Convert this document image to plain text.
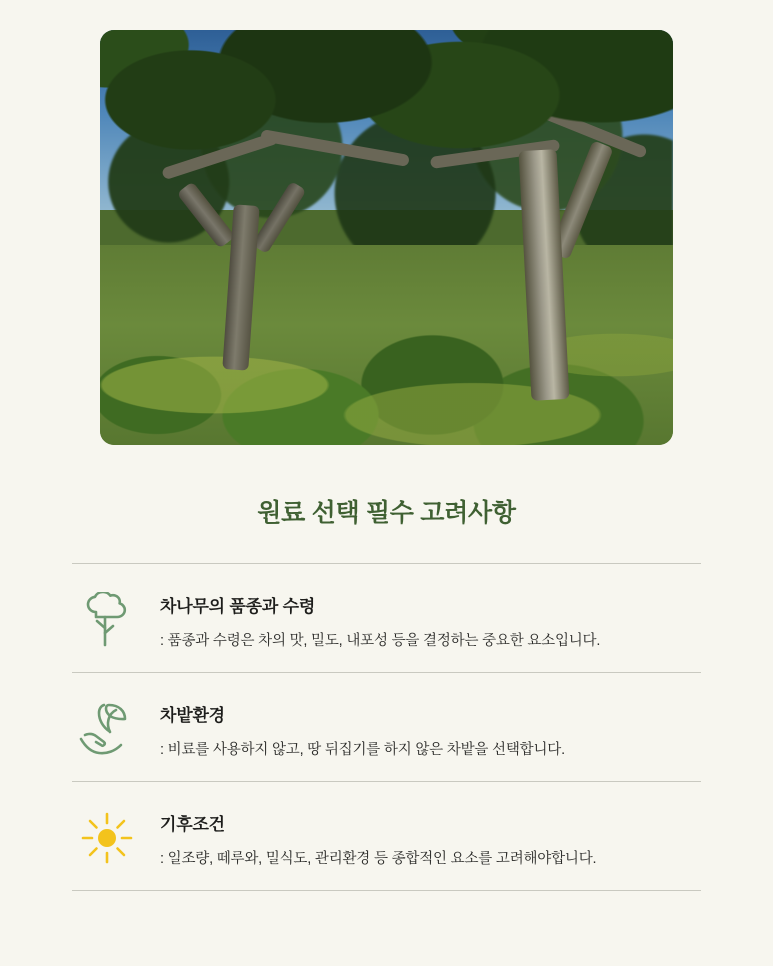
원료 선택 필수 고려사항
차나무의 품종과 수령
: 품종과 수령은 차의 맛, 밀도, 내포성 등을 결정하는 중요한 요소입니다.
차밭환경
: 비료를 사용하지 않고, 땅 뒤집기를 하지 않은 차밭을 선택합니다.
기후조건
: 일조량, 떼루와, 밀식도, 관리환경 등 종합적인 요소를 고려해야합니다.
